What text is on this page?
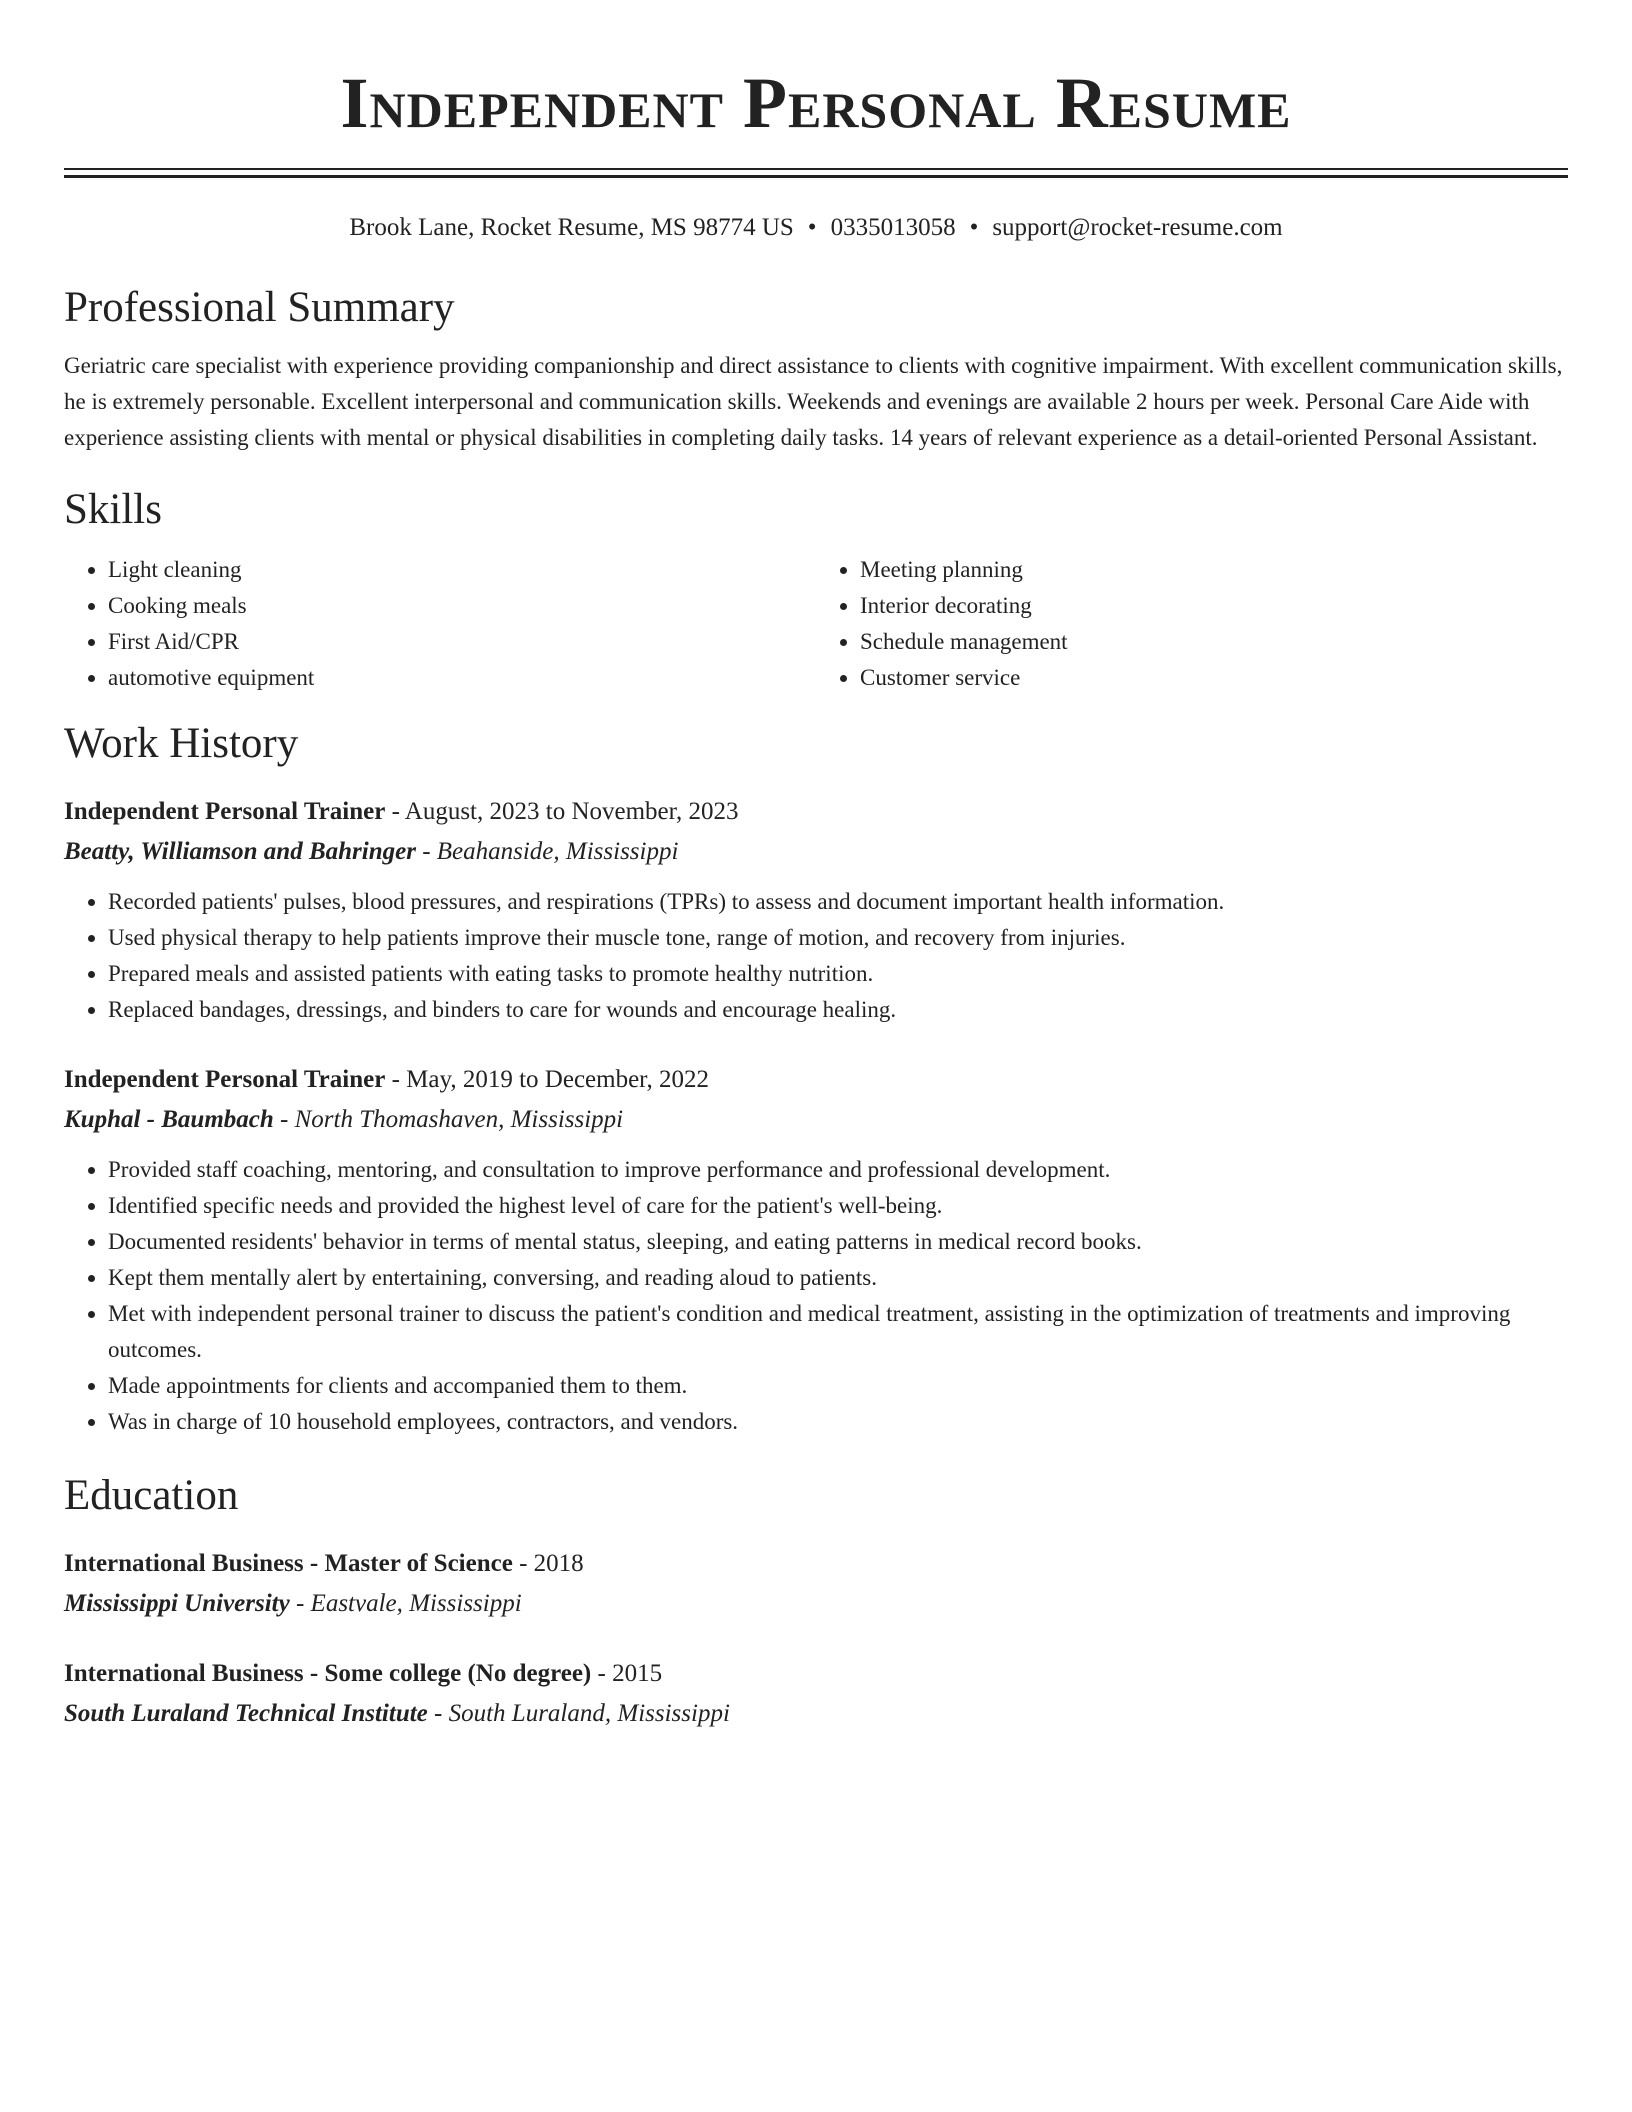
Independent Personal Resume
Brook Lane, Rocket Resume, MS 98774 US • 0335013058 • support@rocket-resume.com
Professional Summary
Geriatric care specialist with experience providing companionship and direct assistance to clients with cognitive impairment. With excellent communication skills, he is extremely personable. Excellent interpersonal and communication skills. Weekends and evenings are available 2 hours per week. Personal Care Aide with experience assisting clients with mental or physical disabilities in completing daily tasks. 14 years of relevant experience as a detail-oriented Personal Assistant.
Skills
• Light cleaning
• Cooking meals
• First Aid/CPR
• automotive equipment
• Meeting planning
• Interior decorating
• Schedule management
• Customer service
Work History
Independent Personal Trainer - August, 2023 to November, 2023
Beatty, Williamson and Bahringer - Beahanside, Mississippi
• Recorded patients' pulses, blood pressures, and respirations (TPRs) to assess and document important health information.
• Used physical therapy to help patients improve their muscle tone, range of motion, and recovery from injuries.
• Prepared meals and assisted patients with eating tasks to promote healthy nutrition.
• Replaced bandages, dressings, and binders to care for wounds and encourage healing.
Independent Personal Trainer - May, 2019 to December, 2022
Kuphal - Baumbach - North Thomashaven, Mississippi
• Provided staff coaching, mentoring, and consultation to improve performance and professional development.
• Identified specific needs and provided the highest level of care for the patient's well-being.
• Documented residents' behavior in terms of mental status, sleeping, and eating patterns in medical record books.
• Kept them mentally alert by entertaining, conversing, and reading aloud to patients.
• Met with independent personal trainer to discuss the patient's condition and medical treatment, assisting in the optimization of treatments and improving outcomes.
• Made appointments for clients and accompanied them to them.
• Was in charge of 10 household employees, contractors, and vendors.
Education
International Business - Master of Science - 2018
Mississippi University - Eastvale, Mississippi
International Business - Some college (No degree) - 2015
South Luraland Technical Institute - South Luraland, Mississippi
